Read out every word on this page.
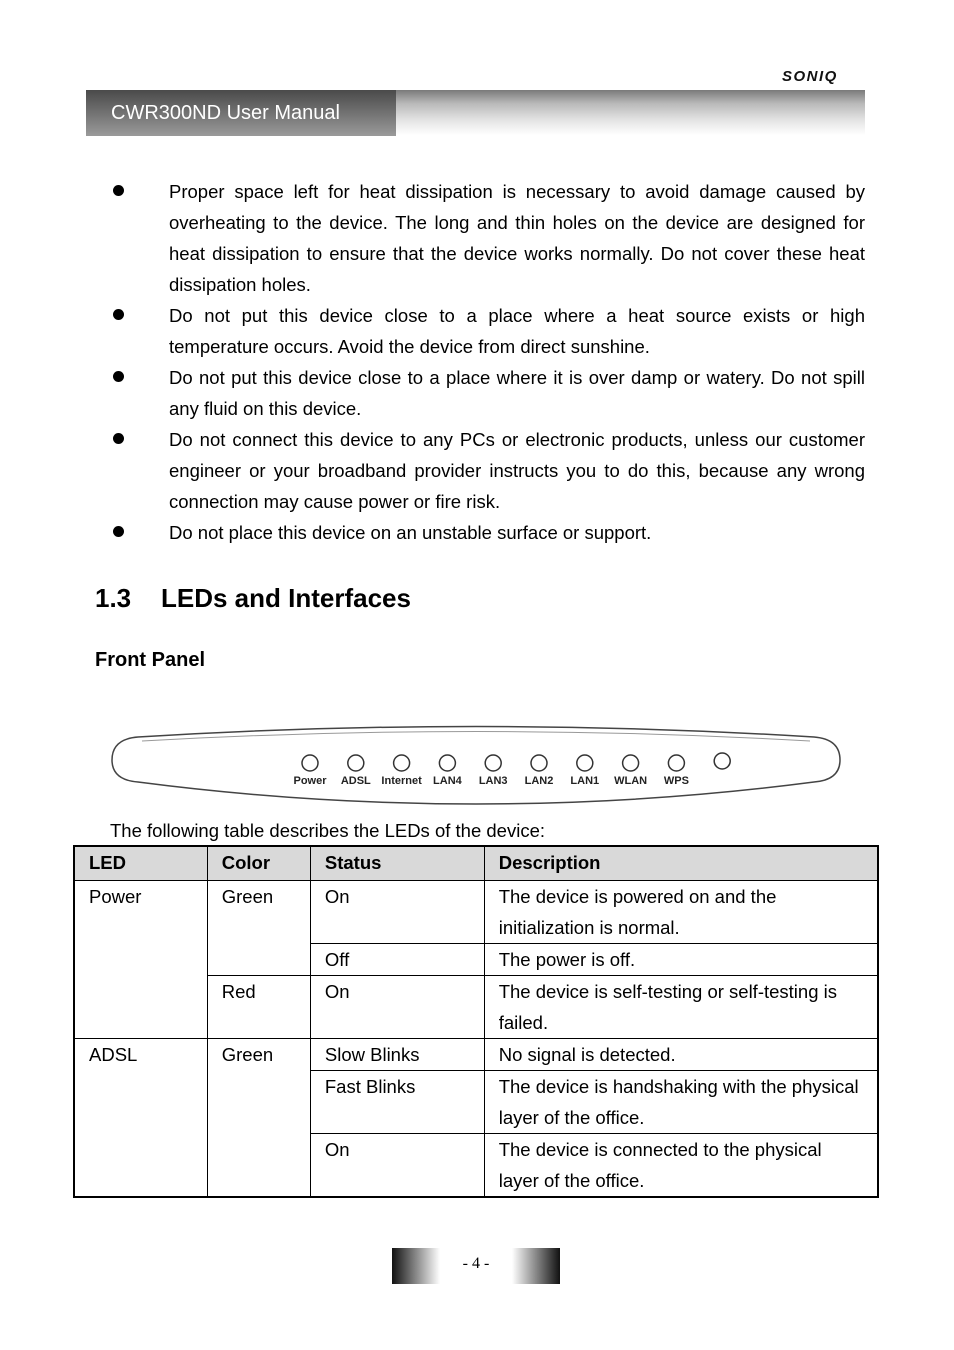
SONIQ
CWR300ND User Manual
Proper space left for heat dissipation is necessary to avoid damage caused by overheating to the device. The long and thin holes on the device are designed for heat dissipation to ensure that the device works normally. Do not cover these heat dissipation holes.
Do not put this device close to a place where a heat source exists or high temperature occurs. Avoid the device from direct sunshine.
Do not put this device close to a place where it is over damp or watery. Do not spill any fluid on this device.
Do not connect this device to any PCs or electronic products, unless our customer engineer or your broadband provider instructs you to do this, because any wrong connection may cause power or fire risk.
Do not place this device on an unstable surface or support.
1.3 LEDs and Interfaces
Front Panel
Power ADSL Internet LAN4 LAN3 LAN2 LAN1 WLAN WPS
The following table describes the LEDs of the device:
LED	Color	Status	Description
Power	Green	On	The device is powered on and the initialization is normal.
		Off	The power is off.
	Red	On	The device is self-testing or self-testing is failed.
ADSL	Green	Slow Blinks	No signal is detected.
		Fast Blinks	The device is handshaking with the physical layer of the office.
		On	The device is connected to the physical layer of the office.
- 4 -
